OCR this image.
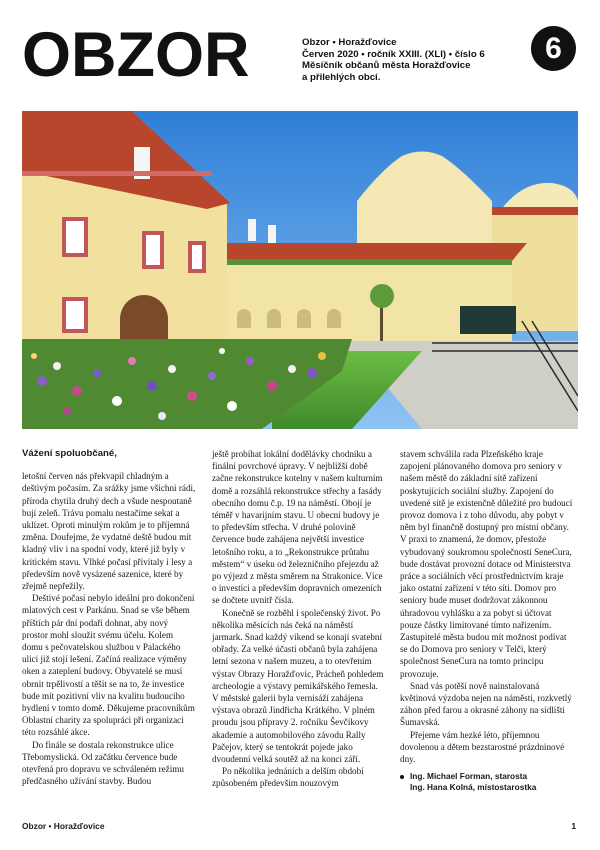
OBZOR	Obzor • Horažďovice
Červen 2020 • ročník XXIII. (XLI) • číslo 6
Měsíčník občanů města Horažďovice
a přilehlých obcí.
6

Vážení spoluobčané,

letošní červen nás překvapil chladným a deštivým počasím. Za srážky jsme všichni rádi, příroda chytila druhý dech a všude nespoutaně bují zeleň. Trávu pomalu nestačíme sekat a uklízet. Oproti minulým rokům je to příjemná změna. Doufejme, že vydatné deště budou mít kladný vliv i na spodní vody, které již byly v kritickém stavu. Vlhké počasí přivítaly i lesy a především nově vysázené sazenice, které by zřejmě nepřežily.

Deštivé počasí nebylo ideální pro dokončení mlatových cest v Parkánu. Snad se vše během příštích pár dní podaří dohnat, aby nový prostor mohl sloužit svému účelu. Kolem domu s pečovatelskou službou v Palackého ulici již stojí lešení. Začíná realizace výměny oken a zateplení budovy. Obyvatelé se musí obrnit trpělivostí a těšit se na to, že investice bude mít pozitivní vliv na kvalitu budoucího bydlení v tomto domě. Děkujeme pracovníkům Oblastní charity za spolupráci při organizaci této rozsáhlé akce.

Do finále se dostala rekonstrukce ulice Třebomyslická. Od začátku července bude otevřená pro dopravu ve schváleném režimu předčasného užívání stavby. Budou

ještě probíhat lokální dodělávky chodníku a finální povrchové úpravy. V nejbližší době začne rekonstrukce kotelny v našem kulturním domě a rozsáhlá rekonstrukce střechy a fasády obecního domu č.p. 19 na náměstí. Obojí je téměř v havarijním stavu. U obecní budovy je to především střecha. V druhé polovině července bude zahájena největší investice letošního roku, a to „Rekonstrukce průtahu městem“ v úseku od železničního přejezdu až po výjezd z města směrem na Strakonice. Více o investici a především dopravních omezeních se dočtete uvnitř čísla.

Konečně se rozběhl i společenský život. Po několika měsících nás čeká na náměstí jarmark. Snad každý víkend se konají svatební obřady. Za velké účasti občanů byla zahájena letní sezona v našem muzeu, a to otevřením výstav Obrazy Horažďovic, Prácheň pohledem archeologie a výstavy pemikářského řemesla. V městské galerii byla vernisáží zahájena výstava obrazů Jindřicha Krátkého. V plném proudu jsou přípravy 2. ročníku Ševčíkovy akademie a automobilového závodu Rally Pačejov, který se tentokrát pojede jako dvoudenní velká soutěž až na konci září.

Po několika jednáních a delším období způsobeném především nouzovým

stavem schválila rada Plzeňského kraje zapojení plánovaného domova pro seniory v našem městě do základní sítě zařízení poskytujících sociální služby. Zapojení do uvedené sítě je existenčně důležité pro budoucí provoz domova i z toho důvodu, aby pobyt v něm byl finančně dostupný pro místní občany. V praxi to znamená, že domov, přestože vybudovaný soukromou společností SeneCura, bude dostávat provozní dotace od Ministerstva práce a sociálních věcí prostřednictvím kraje jako ostatní zařízení v této síti. Domov pro seniory bude muset dodržovat zákonnou úhradovou vyhlášku a za pobyt si účtovat pouze částky limitované tímto nařízením. Zastupitelé města budou mít možnost podívat se do Domova pro seniory v Telči, který společnost SeneCura na tomto principu provozuje.

Snad vás potěší nově nainstalovaná květinová výzdoba nejen na náměstí, rozkvetlý záhon před farou a okrasné záhony na sídlišti Šumavská.

Přejeme vám hezké léto, příjemnou dovolenou a dětem bezstarostné prázdninové dny.

Ing. Michael Forman, starosta
Ing. Hana Kolná, místostarostka
Obzor • Horažďovice	1
